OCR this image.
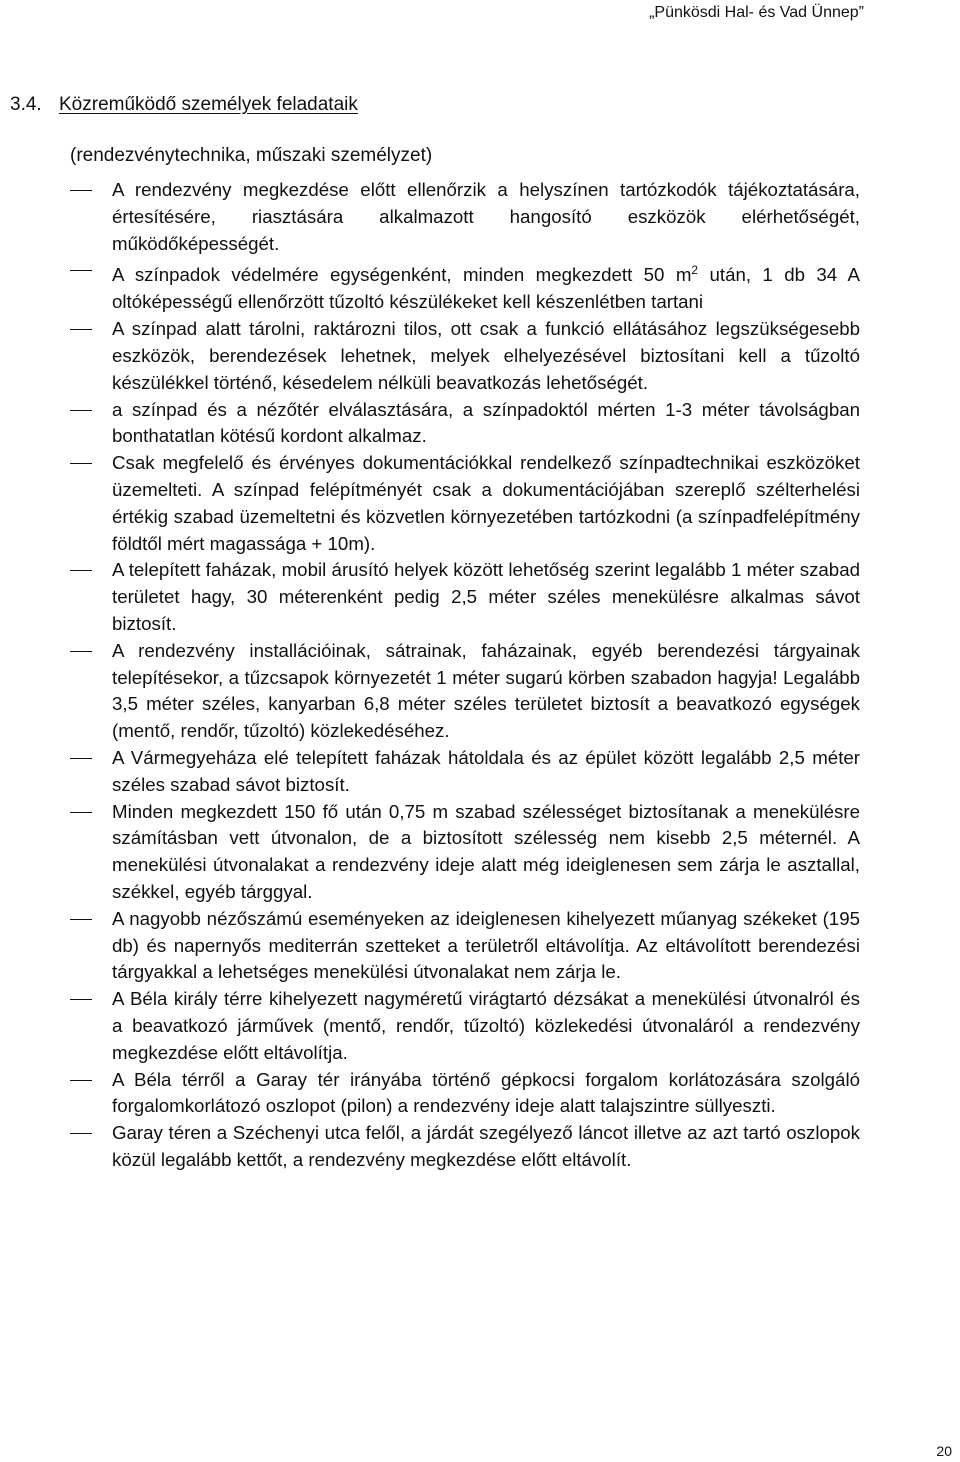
„Pünkösdi Hal- és Vad Ünnep”
3.4. Közreműködő személyek feladataik
(rendezvénytechnika, műszaki személyzet)
A rendezvény megkezdése előtt ellenőrzik a helyszínen tartózkodók tájékoztatására, értesítésére, riasztására alkalmazott hangosító eszközök elérhetőségét, működőképességét.
A színpadok védelmére egységenként, minden megkezdett 50 $m^2$ után, 1 db 34 A oltóképességű ellenőrzött tűzoltó készülékeket kell készenlétben tartani
A színpad alatt tárolni, raktározni tilos, ott csak a funkció ellátásához legszükségesebb eszközök, berendezések lehetnek, melyek elhelyezésével biztosítani kell a tűzoltó készülékkel történő, késedelem nélküli beavatkozás lehetőségét.
a színpad és a nézőtér elválasztására, a színpadoktól mérten 1-3 méter távolságban bonthatatlan kötésű kordont alkalmaz.
Csak megfelelő és érvényes dokumentációkkal rendelkező színpadtechnikai eszközöket üzemelteti. A színpad felépítményét csak a dokumentációjában szereplő szélterhelési értékig szabad üzemeltetni és közvetlen környezetében tartózkodni (a színpadfelépítmény földtől mért magassága + 10m).
A telepített faházak, mobil árusító helyek között lehetőség szerint legalább 1 méter szabad területet hagy, 30 méterenként pedig 2,5 méter széles menekülésre alkalmas sávot biztosít.
A rendezvény installációinak, sátrainak, faházainak, egyéb berendezési tárgyainak telepítésekor, a tűzcsapok környezetét 1 méter sugarú körben szabadon hagyja! Legalább 3,5 méter széles, kanyarban 6,8 méter széles területet biztosít a beavatkozó egységek (mentő, rendőr, tűzoltó) közlekedéséhez.
A Vármegyeháza elé telepített faházak hátoldala és az épület között legalább 2,5 méter széles szabad sávot biztosít.
Minden megkezdett 150 fő után 0,75 m szabad szélességet biztosítanak a menekülésre számításban vett útvonalon, de a biztosított szélesség nem kisebb 2,5 méternél. A menekülési útvonalakat a rendezvény ideje alatt még ideiglenesen sem zárja le asztallal, székkel, egyéb tárggyal.
A nagyobb nézőszámú eseményeken az ideiglenesen kihelyezett műanyag székeket (195 db) és napernyős mediterrán szetteket a területről eltávolítja. Az eltávolított berendezési tárgyakkal a lehetséges menekülési útvonalakat nem zárja le.
A Béla király térre kihelyezett nagyméretű virágtartó dézsákat a menekülési útvonalról és a beavatkozó járművek (mentő, rendőr, tűzoltó) közlekedési útvonaláról a rendezvény megkezdése előtt eltávolítja.
A Béla térről a Garay tér irányába történő gépkocsi forgalom korlátozására szolgáló forgalomkorlátozó oszlopot (pilon) a rendezvény ideje alatt talajszintre süllyeszti.
Garay téren a Széchenyi utca felől, a járdát szegélyező láncot illetve az azt tartó oszlopok közül legalább kettőt, a rendezvény megkezdése előtt eltávolít.
20
